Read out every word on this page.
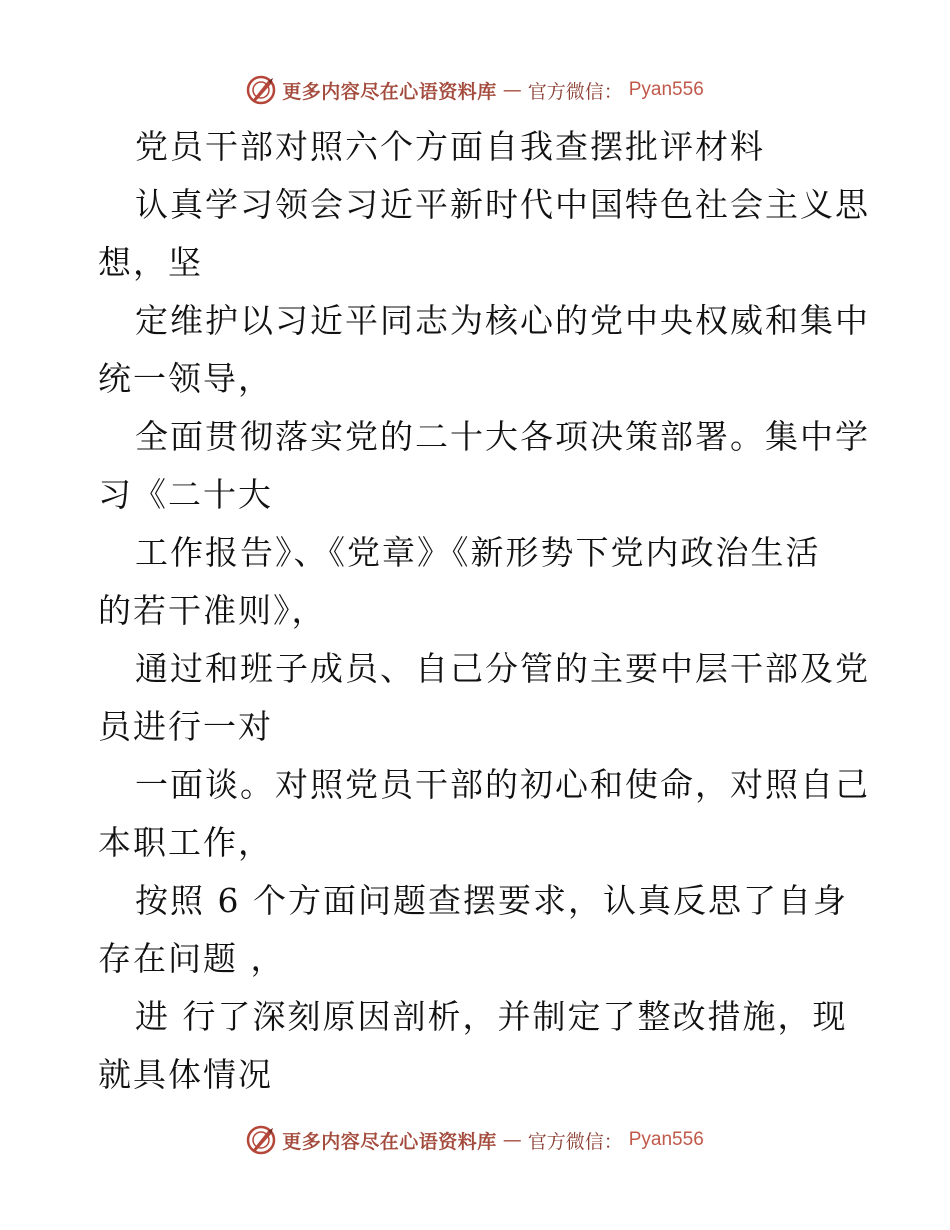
更多内容尽在心语资料库 — 官方微信： Pyan556
党员干部对照六个方面自我查摆批评材料
认真学习领会习近平新时代中国特色社会主义思
想，坚
定维护以习近平同志为核心的党中央权威和集中
统一领导，
全面贯彻落实党的二十大各项决策部署。集中学
习《二十大
工作报告》、《党章》《新形势下党内政治生活
的若干准则》，
通过和班子成员、自己分管的主要中层干部及党
员进行一对
一面谈。对照党员干部的初心和使命，对照自己
本职工作，
按照 6 个方面问题查摆要求，认真反思了自身
存在问题 ，
进 行了深刻原因剖析，并制定了整改措施，现
就具体情况
更多内容尽在心语资料库 — 官方微信： Pyan556
